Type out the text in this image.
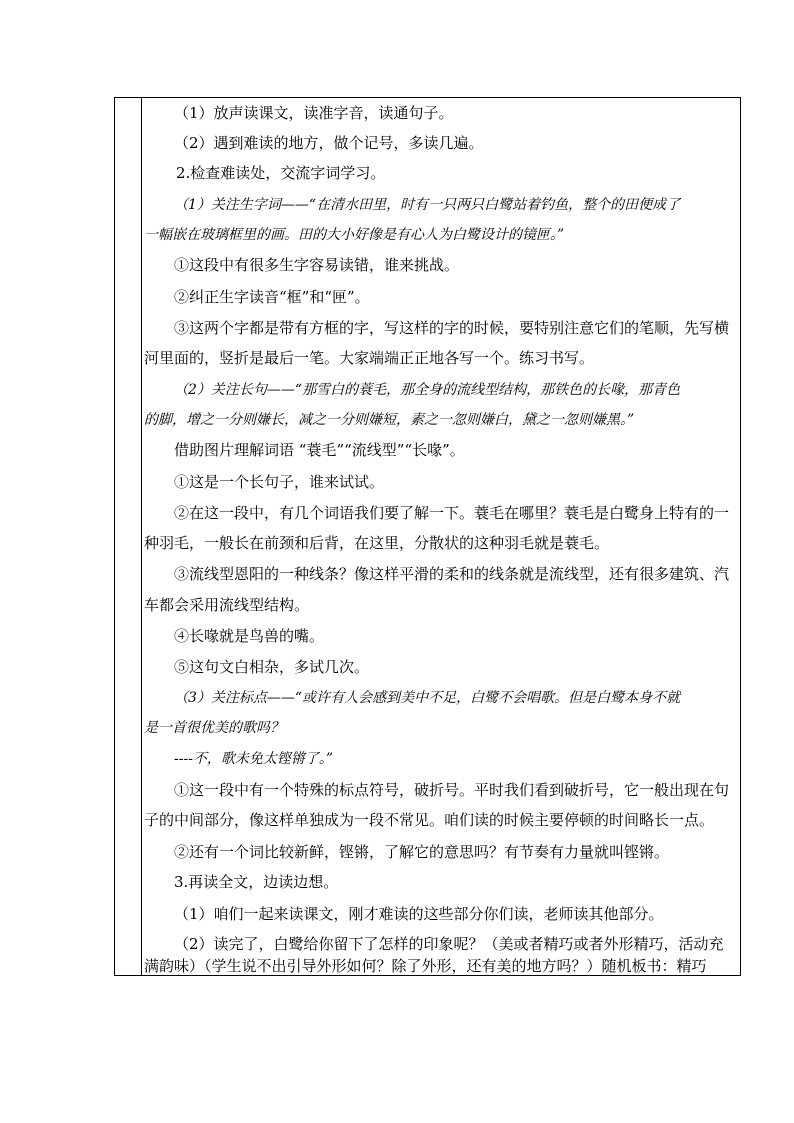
（1）放声读课文，读准字音，读通句子。
（2）遇到难读的地方，做个记号，多读几遍。
2.检查难读处，交流字词学习。
（1）关注生字词——“在清水田里，时有一只两只白鹭站着钓鱼，整个的田便成了
一幅嵌在玻璃框里的画。田的大小好像是有心人为白鹭设计的镜匣。”
①这段中有很多生字容易读错，谁来挑战。
②纠正生字读音“框”和“匣”。
③这两个字都是带有方框的字，写这样的字的时候，要特别注意它们的笔顺，先写横
河里面的，竖折是最后一笔。大家端端正正地各写一个。练习书写。
（2）关注长句——“那雪白的蓑毛，那全身的流线型结构，那铁色的长喙，那青色
的脚，增之一分则嫌长，减之一分则嫌短，素之一忽则嫌白，黛之一忽则嫌黑。”
借助图片理解词语 “蓑毛”“流线型”“长喙”。
①这是一个长句子，谁来试试。
②在这一段中，有几个词语我们要了解一下。蓑毛在哪里？蓑毛是白鹭身上特有的一
种羽毛，一般长在前颈和后背，在这里，分散状的这种羽毛就是蓑毛。
③流线型恩阳的一种线条？像这样平滑的柔和的线条就是流线型，还有很多建筑、汽
车都会采用流线型结构。
④长喙就是鸟兽的嘴。
⑤这句文白相杂，多试几次。
（3）关注标点——“或许有人会感到美中不足，白鹭不会唱歌。但是白鹭本身不就
是一首很优美的歌吗？
----不，歌未免太铿锵了。”
①这一段中有一个特殊的标点符号，破折号。平时我们看到破折号，它一般出现在句
子的中间部分，像这样单独成为一段不常见。咱们读的时候主要停顿的时间略长一点。
②还有一个词比较新鲜，铿锵，了解它的意思吗？有节奏有力量就叫铿锵。
3.再读全文，边读边想。
（1）咱们一起来读课文，刚才难读的这些部分你们读，老师读其他部分。
（2）读完了，白鹭给你留下了怎样的印象呢？（美或者精巧或者外形精巧，活动充
满韵味）（学生说不出引导外形如何？除了外形，还有美的地方吗？）随机板书：精巧
